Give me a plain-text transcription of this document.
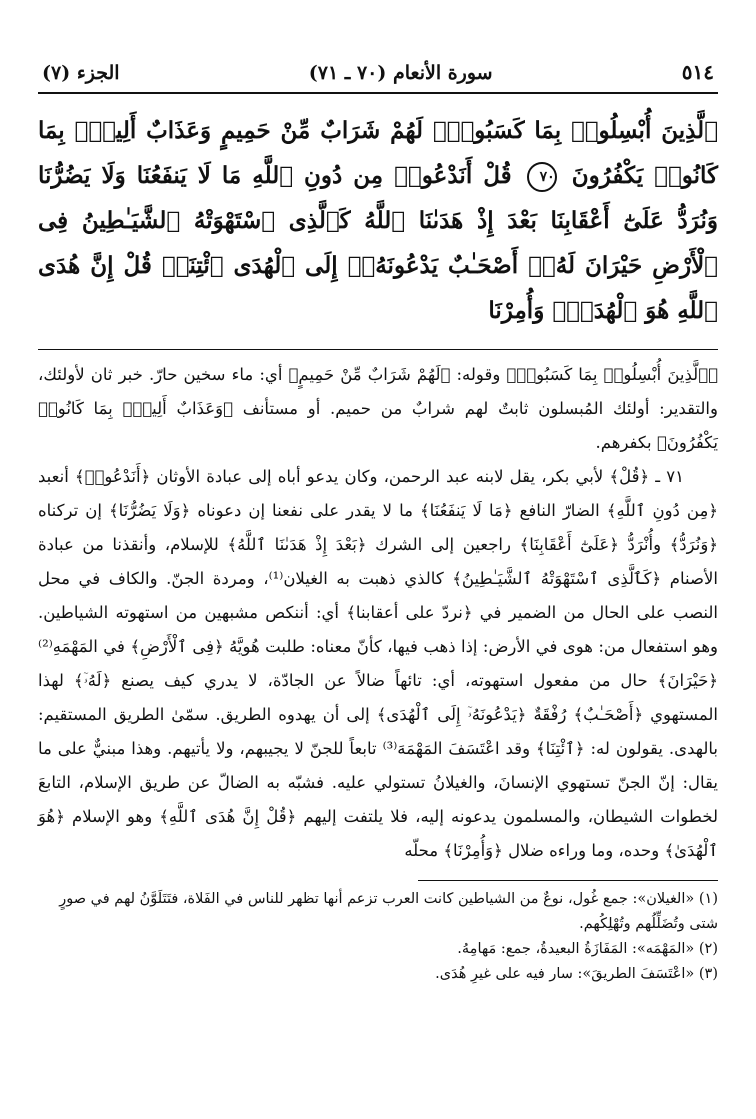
٥١٤
سورة الأنعام (٧٠ ـ ٧١)
الجزء (٧)
ٱلَّذِينَ أُبْسِلُوا۟ بِمَا كَسَبُوا۟ۖ لَهُمْ شَرَابٌ مِّنْ حَمِيمٍ وَعَذَابٌ أَلِيمٌۢ بِمَا كَانُوا۟ يَكْفُرُونَ ٧٠ قُلْ أَنَدْعُوا۟ مِن دُونِ ٱللَّهِ مَا لَا يَنفَعُنَا وَلَا يَضُرُّنَا وَنُرَدُّ عَلَىٰٓ أَعْقَابِنَا بَعْدَ إِذْ هَدَىٰنَا ٱللَّهُ كَٱلَّذِى ٱسْتَهْوَتْهُ ٱلشَّيَـٰطِينُ فِى ٱلْأَرْضِ حَيْرَانَ لَهُۥٓ أَصْحَـٰبٌ يَدْعُونَهُۥٓ إِلَى ٱلْهُدَى ٱئْتِنَاۗ قُلْ إِنَّ هُدَى ٱللَّهِ هُوَ ٱلْهُدَىٰۖ وَأُمِرْنَا

﴿ٱلَّذِينَ أُبْسِلُوا۟ بِمَا كَسَبُوا۟﴾ وقوله: ﴿لَهُمْ شَرَابٌ مِّنْ حَمِيمٍ﴾ أي: ماء سخين حارّ. خبر ثان لأولئك، والتقدير: أولئك المُبسلون ثابتٌ لهم شرابٌ من حميم. أو مستأنف ﴿وَعَذَابٌ أَلِيمٌۢ بِمَا كَانُوا۟ يَكْفُرُونَ﴾ بكفرهم.

٧١ ـ ﴿قُلْ﴾ لأبي بكر، يقل لابنه عبد الرحمن، وكان يدعو أباه إلى عبادة الأوثان ﴿أَنَدْعُوا۟﴾ أنعبد ﴿مِن دُونِ ٱللَّهِ﴾ الضارّ النافع ﴿مَا لَا يَنفَعُنَا﴾ ما لا يقدر على نفعنا إن دعوناه ﴿وَلَا يَضُرُّنَا﴾ إن تركناه ﴿وَنُرَدُّ﴾ وأُنْرَدُّ ﴿عَلَىٰٓ أَعْقَابِنَا﴾ راجعين إلى الشرك ﴿بَعْدَ إِذْ هَدَىٰنَا ٱللَّهُ﴾ للإسلام، وأنقذنا من عبادة الأصنام ﴿كَٱلَّذِى ٱسْتَهْوَتْهُ ٱلشَّيَـٰطِينُ﴾ كالذي ذهبت به الغيلان⁽¹⁾، ومردة الجنّ. والكاف في محل النصب على الحال من الضمير في ﴿نردّ على أعقابنا﴾ أي: أننكص مشبهين من استهوته الشياطين. وهو استفعال من: هوى في الأرض: إذا ذهب فيها، كأنّ معناه: طلبت هُويَّهُ ﴿فِى ٱلْأَرْضِ﴾ في المَهْمَهِ⁽²⁾ ﴿حَيْرَانَ﴾ حال من مفعول استهوته، أي: تائهاً ضالاً عن الجادّة، لا يدري كيف يصنع ﴿لَهُۥٓ﴾ لهذا المستهوي ﴿أَصْحَـٰبٌ﴾ رُفْقَةٌ ﴿يَدْعُونَهُۥٓ إِلَى ٱلْهُدَى﴾ إلى أن يهدوه الطريق. سمّىٰ الطريق المستقيم: بالهدى. يقولون له: ﴿ٱئْتِنَا﴾ وقد اعْتَسَفَ المَهْمَهَ⁽³⁾ تابعاً للجنّ لا يجيبهم، ولا يأتيهم. وهذا مبنيٌّ على ما يقال: إنّ الجنّ تستهوي الإنسانَ، والغيلانُ تستولي عليه. فشبّه به الضالّ عن طريق الإسلام، التابعَ لخطوات الشيطان، والمسلمون يدعونه إليه، فلا يلتفت إليهم ﴿قُلْ إِنَّ هُدَى ٱللَّهِ﴾ وهو الإسلام ﴿هُوَ ٱلْهُدَىٰ﴾ وحده، وما وراءه ضلال ﴿وَأُمِرْنَا﴾ محلّه

(١) «الغيلان»: جمع غُول، نوعٌ من الشياطين كانت العرب تزعم أنها تظهر للناس في الفَلاة، فتَتَلَوَّنُ لهم في صورٍ شتى وتُضَلِّلُهم وتُهْلِكُهم.

(٢) «المَهْمَه»: المَفَازَةُ البعيدةُ، جمع: مَهامِهُ.

(٣) «اعْتَسَفَ الطريقَ»: سار فيه على غيرِ هُدَى.
